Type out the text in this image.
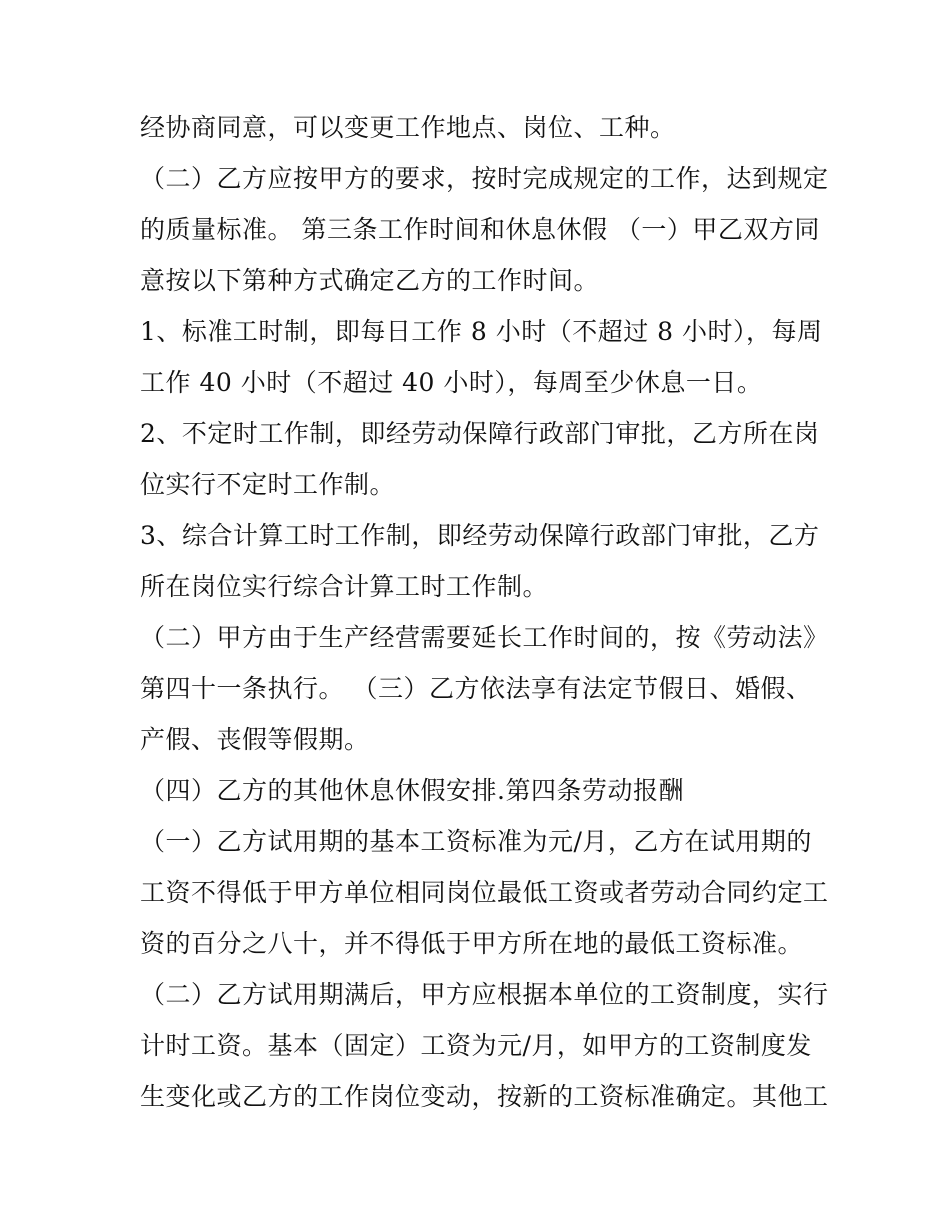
经协商同意，可以变更工作地点、岗位、工种。
（二）乙方应按甲方的要求，按时完成规定的工作，达到规定
的质量标准。 第三条工作时间和休息休假 （一）甲乙双方同
意按以下第种方式确定乙方的工作时间。
1、标准工时制，即每日工作 8 小时（不超过 8 小时），每周
工作 40 小时（不超过 40 小时），每周至少休息一日。
2、不定时工作制，即经劳动保障行政部门审批，乙方所在岗
位实行不定时工作制。
3、综合计算工时工作制，即经劳动保障行政部门审批，乙方
所在岗位实行综合计算工时工作制。
（二）甲方由于生产经营需要延长工作时间的，按《劳动法》
第四十一条执行。 （三）乙方依法享有法定节假日、婚假、
产假、丧假等假期。
（四）乙方的其他休息休假安排.第四条劳动报酬
（一）乙方试用期的基本工资标准为元/月，乙方在试用期的
工资不得低于甲方单位相同岗位最低工资或者劳动合同约定工
资的百分之八十，并不得低于甲方所在地的最低工资标准。
（二）乙方试用期满后，甲方应根据本单位的工资制度，实行
计时工资。基本（固定）工资为元/月，如甲方的工资制度发
生变化或乙方的工作岗位变动，按新的工资标准确定。其他工
